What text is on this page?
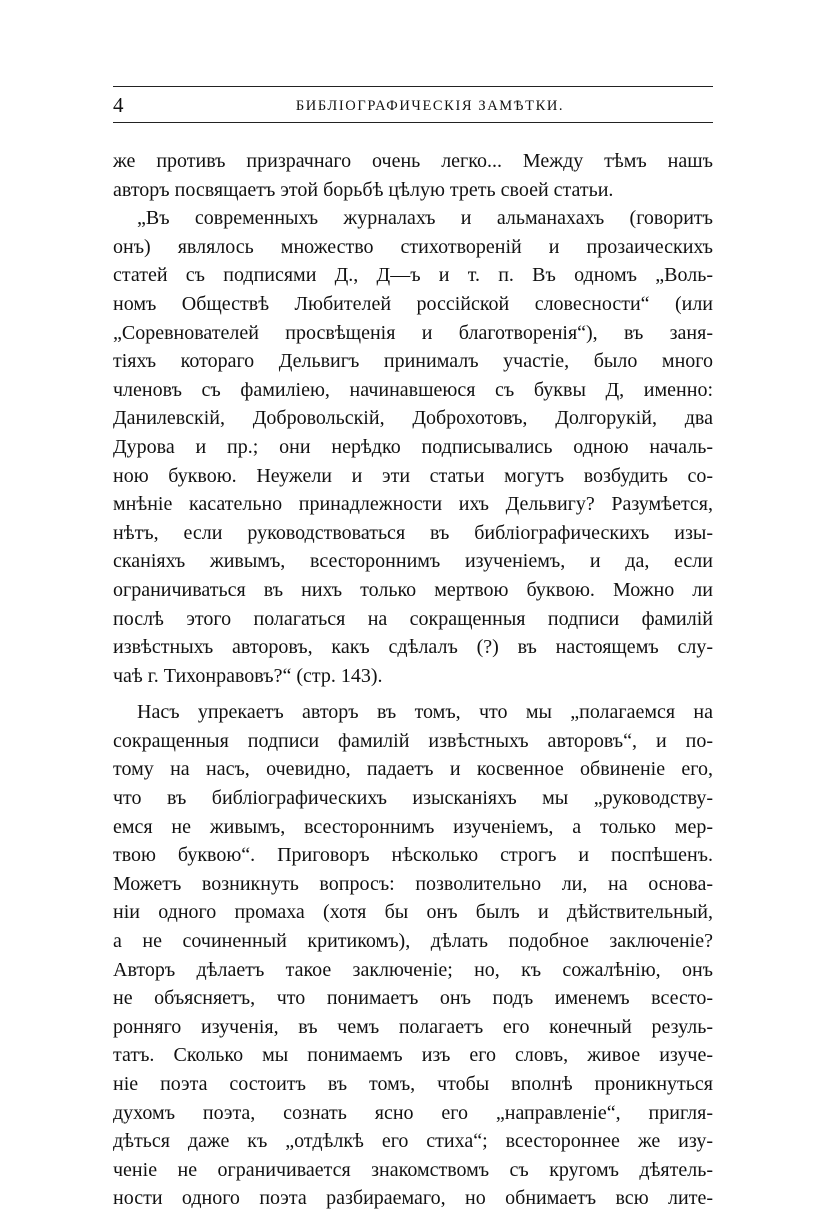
4	БИБЛІОГРАФИЧЕСКІЯ ЗАМѢТКИ.
же противъ призрачнаго очень легко... Между тѣмъ нашъ
авторъ посвящаетъ этой борьбѣ цѣлую треть своей статьи.
„Въ современныхъ журналахъ и альманахахъ (говоритъ
онъ) являлось множество стихотвореній и прозаическихъ
статей съ подписями Д., Д—ъ и т. п. Въ одномъ „Воль-
номъ Обществѣ Любителей россійской словесности“ (или
„Соревнователей просвѣщенія и благотворенія“), въ заня-
тіяхъ котораго Дельвигъ принималъ участіе, было много
членовъ съ фамиліею, начинавшеюся съ буквы Д, именно:
Данилевскій, Добровольскій, Доброхотовъ, Долгорукій, два
Дурова и пр.; они нерѣдко подписывались одною началь-
ною буквою. Неужели и эти статьи могутъ возбудить со-
мнѣніе касательно принадлежности ихъ Дельвигу? Разумѣется,
нѣтъ, если руководствоваться въ библіографическихъ изы-
сканіяхъ живымъ, всестороннимъ изученіемъ, и да, если
ограничиваться въ нихъ только мертвою буквою. Можно ли
послѣ этого полагаться на сокращенныя подписи фамилій
извѣстныхъ авторовъ, какъ сдѣлалъ (?) въ настоящемъ слу-
чаѣ г. Тихонравовъ?“ (стр. 143).
Насъ упрекаетъ авторъ въ томъ, что мы „полагаемся на
сокращенныя подписи фамилій извѣстныхъ авторовъ“, и по-
тому на насъ, очевидно, падаетъ и косвенное обвиненіе его,
что въ библіографическихъ изысканіяхъ мы „руководству-
емся не живымъ, всестороннимъ изученіемъ, а только мер-
твою буквою“. Приговоръ нѣсколько строгъ и поспѣшенъ.
Можетъ возникнуть вопросъ: позволительно ли, на основа-
ніи одного промаха (хотя бы онъ былъ и дѣйствительный,
а не сочиненный критикомъ), дѣлать подобное заключеніе?
Авторъ дѣлаетъ такое заключеніе; но, къ сожалѣнію, онъ
не объясняетъ, что понимаетъ онъ подъ именемъ всесто-
ронняго изученія, въ чемъ полагаетъ его конечный резуль-
татъ. Сколько мы понимаемъ изъ его словъ, живое изуче-
ніе поэта состоитъ въ томъ, чтобы вполнѣ проникнуться
духомъ поэта, сознать ясно его „направленіе“, пригля-
дѣться даже къ „отдѣлкѣ его стиха“; всестороннее же изу-
ченіе не ограничивается знакомствомъ съ кругомъ дѣятель-
ности одного поэта разбираемаго, но обнимаетъ всю лите-
